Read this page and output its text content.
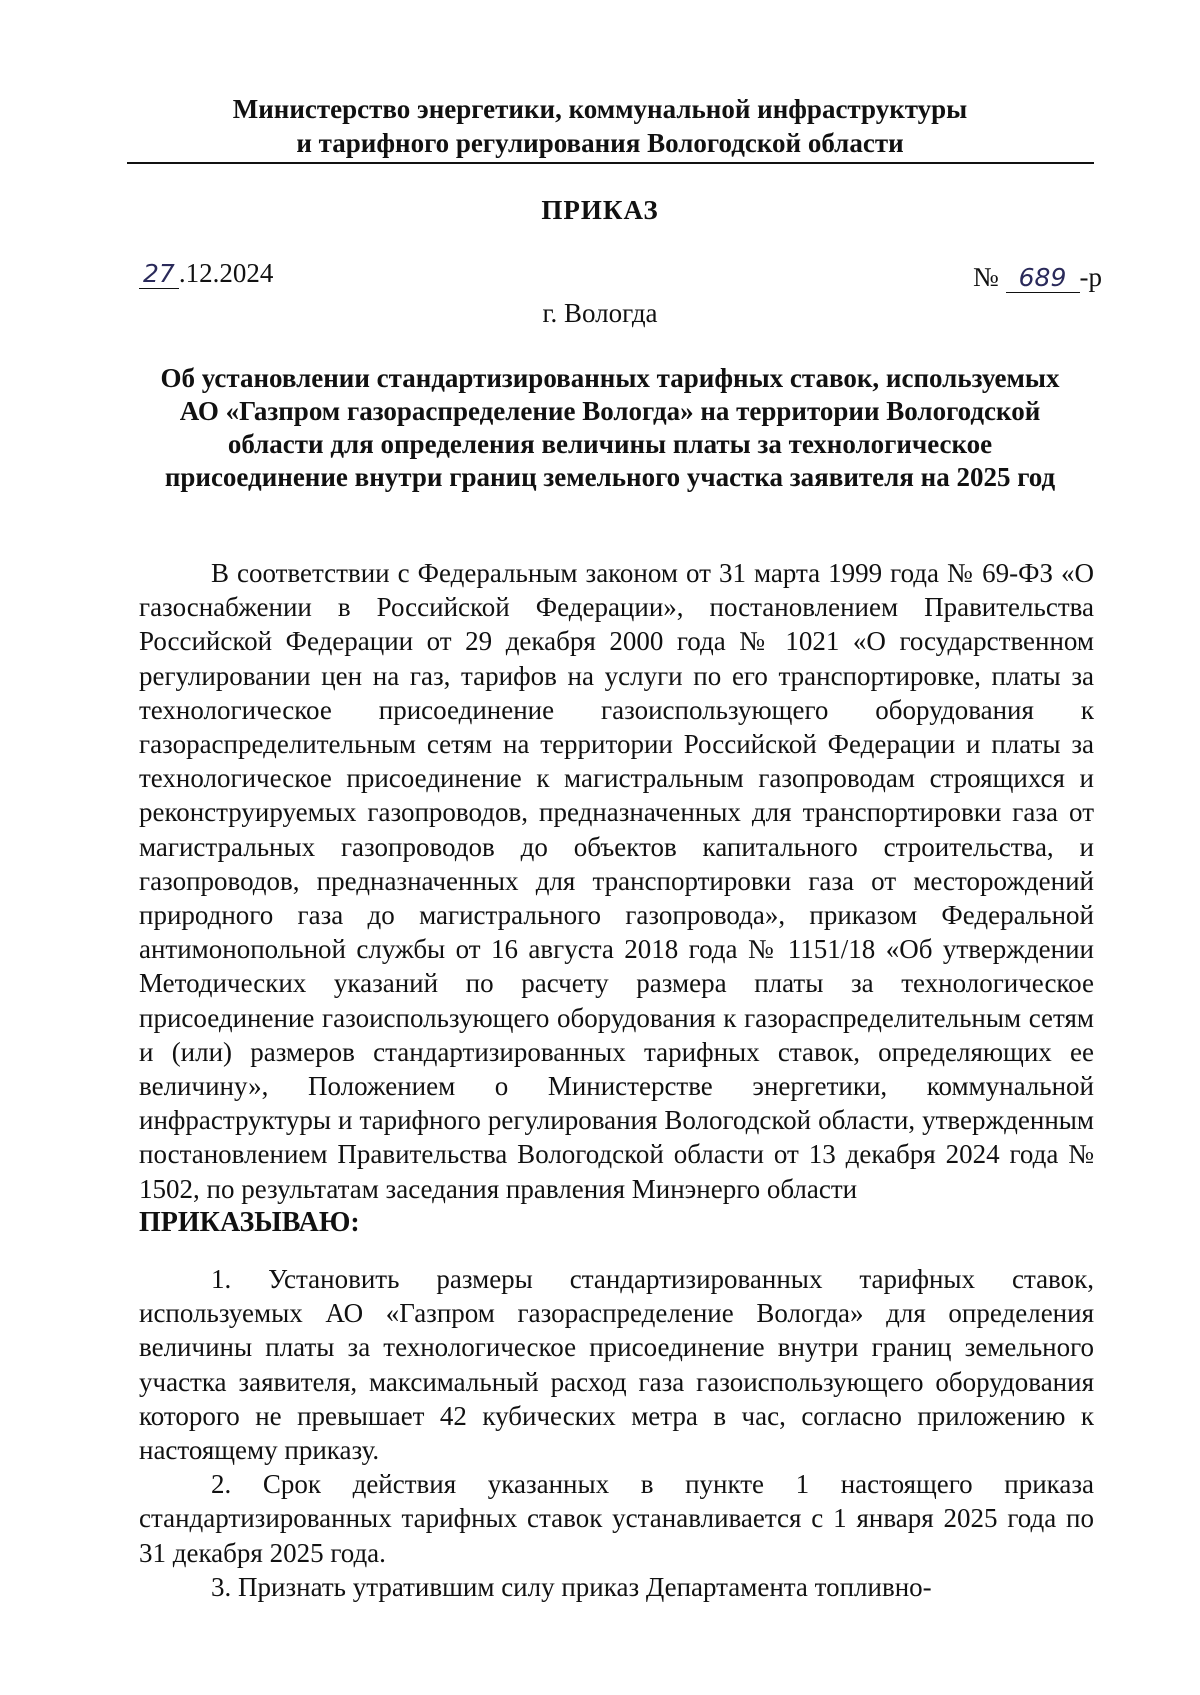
Министерство энергетики, коммунальной инфраструктуры
и тарифного регулирования Вологодской области
ПРИКАЗ
27 .12.2024	№ 689 -р
г. Вологда
Об установлении стандартизированных тарифных ставок, используемых АО «Газпром газораспределение Вологда» на территории Вологодской области для определения величины платы за технологическое присоединение внутри границ земельного участка заявителя на 2025 год

В соответствии с Федеральным законом от 31 марта 1999 года № 69-ФЗ «О газоснабжении в Российской Федерации», постановлением Правительства Российской Федерации от 29 декабря 2000 года № 1021 «О государственном регулировании цен на газ, тарифов на услуги по его транспортировке, платы за технологическое присоединение газоиспользующего оборудования к газораспределительным сетям на территории Российской Федерации и платы за технологическое присоединение к магистральным газопроводам строящихся и реконструируемых газопроводов, предназначенных для транспортировки газа от магистральных газопроводов до объектов капитального строительства, и газопроводов, предназначенных для транспортировки газа от месторождений природного газа до магистрального газопровода», приказом Федеральной антимонопольной службы от 16 августа 2018 года № 1151/18 «Об утверждении Методических указаний по расчету размера платы за технологическое присоединение газоиспользующего оборудования к газораспределительным сетям и (или) размеров стандартизированных тарифных ставок, определяющих ее величину», Положением о Министерстве энергетики, коммунальной инфраструктуры и тарифного регулирования Вологодской области, утвержденным постановлением Правительства Вологодской области от 13 декабря 2024 года № 1502, по результатам заседания правления Минэнерго области

ПРИКАЗЫВАЮ:

1. Установить размеры стандартизированных тарифных ставок, используемых АО «Газпром газораспределение Вологда» для определения величины платы за технологическое присоединение внутри границ земельного участка заявителя, максимальный расход газа газоиспользующего оборудования которого не превышает 42 кубических метра в час, согласно приложению к настоящему приказу.

2. Срок действия указанных в пункте 1 настоящего приказа стандартизированных тарифных ставок устанавливается с 1 января 2025 года по 31 декабря 2025 года.

3. Признать утратившим силу приказ Департамента топливно-
